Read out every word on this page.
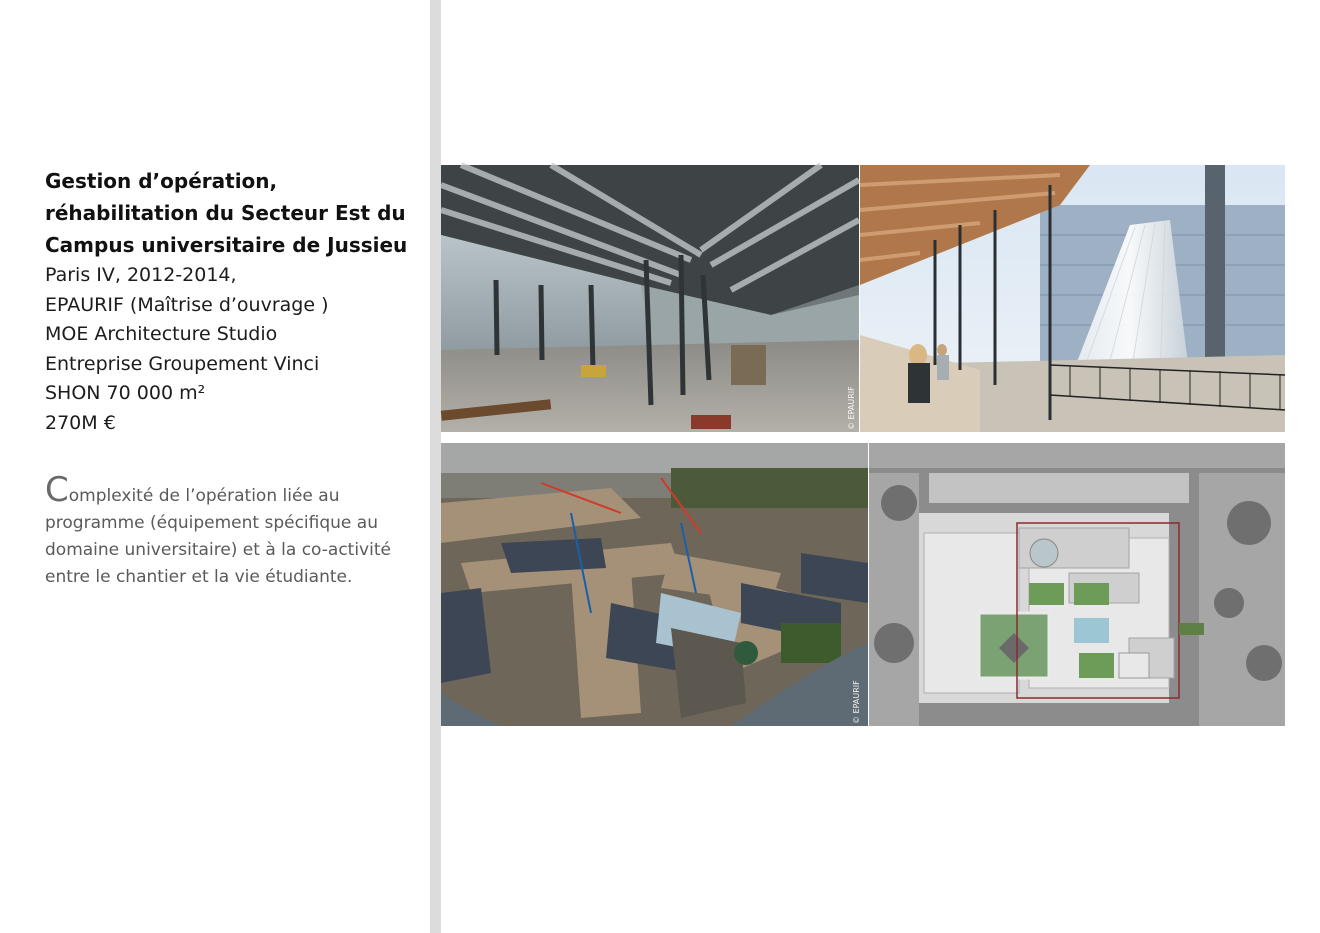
Gestion d’opération,
réhabilitation du Secteur Est du
Campus universitaire de Jussieu
Paris IV, 2012-2014,
EPAURIF (Maîtrise d’ouvrage )
MOE Architecture Studio
Entreprise Groupement Vinci
SHON 70 000 m²
270M €
Complexité de l’opération liée au programme (équipement spécifique au domaine universitaire) et à la co-activité entre le chantier et la vie étudiante.
© EPAURIF
© EPAURIF
